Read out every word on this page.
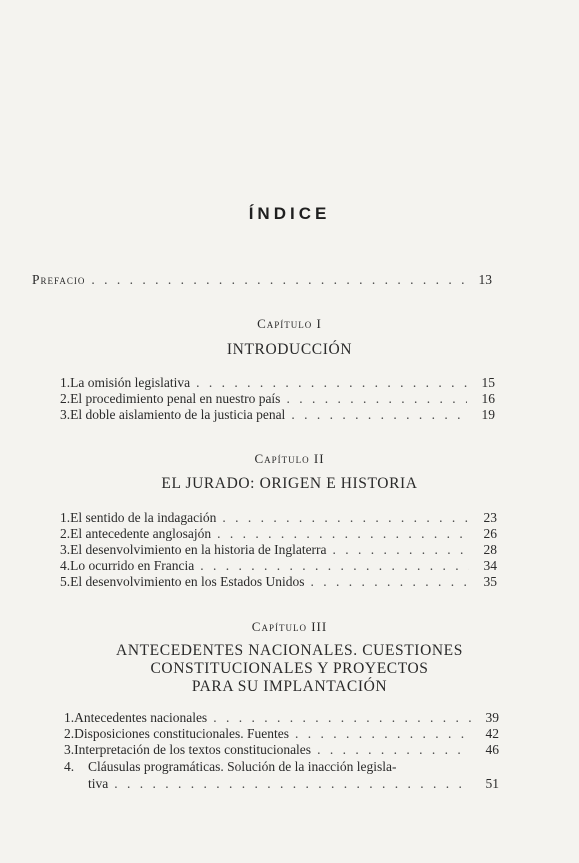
ÍNDICE
Prefacio . . .	13
Capítulo I
INTRODUCCIÓN
1. La omisión legislativa . . .	15
2. El procedimiento penal en nuestro país . . .	16
3. El doble aislamiento de la justicia penal . . .	19
Capítulo II
EL JURADO: ORIGEN E HISTORIA
1. El sentido de la indagación . . .	23
2. El antecedente anglosajón . . .	26
3. El desenvolvimiento en la historia de Inglaterra . . .	28
4. Lo ocurrido en Francia . . .	34
5. El desenvolvimiento en los Estados Unidos . . .	35
Capítulo III
ANTECEDENTES NACIONALES. CUESTIONES
CONSTITUCIONALES Y PROYECTOS
PARA SU IMPLANTACIÓN
1. Antecedentes nacionales . . .	39
2. Disposiciones constitucionales. Fuentes . . .	42
3. Interpretación de los textos constitucionales . . .	46
4.	Cláusulas programáticas. Solución de la inacción legisla-
tiva . . .	51
